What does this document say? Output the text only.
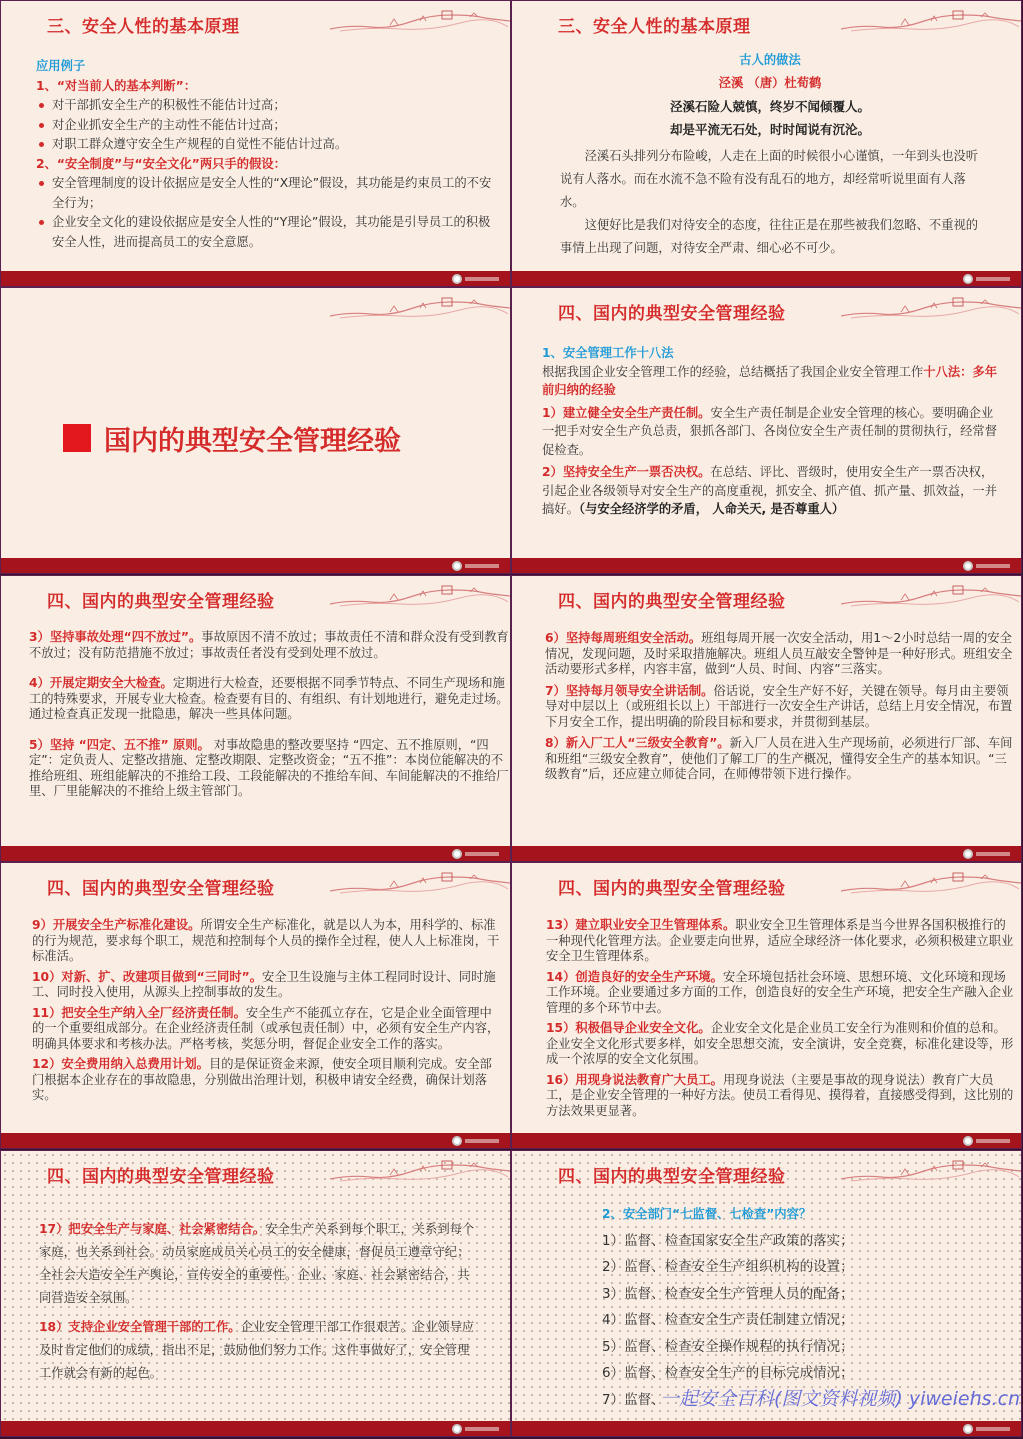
三、安全人性的基本原理

应用例子

1、“对当前人的基本判断”：

对干部抓安全生产的积极性不能估计过高；

对企业抓安全生产的主动性不能估计过高；

对职工群众遵守安全生产规程的自觉性不能估计过高。

2、“安全制度”与“安全文化”两只手的假设：

安全管理制度的设计依据应是安全人性的“X理论”假设，其功能是约束员工的不安全行为；

企业安全文化的建设依据应是安全人性的“Y理论”假设，其功能是引导员工的积极安全人性，进而提高员工的安全意愿。

三、安全人性的基本原理

古人的做法

泾溪 （唐）杜荀鹤

泾溪石险人兢慎，终岁不闻倾覆人。

却是平流无石处，时时闻说有沉沦。

泾溪石头排列分布险峻，人走在上面的时候很小心谨慎，一年到头也没听说有人落水。而在水流不急不险有没有乱石的地方，却经常听说里面有人落水。

这便好比是我们对待安全的态度，往往正是在那些被我们忽略、不重视的事情上出现了问题，对待安全严肃、细心必不可少。

国内的典型安全管理经验
四、国内的典型安全管理经验

1、安全管理工作十八法

根据我国企业安全管理工作的经验，总结概括了我国企业安全管理工作十八法：多年前归纳的经验

1）建立健全安全生产责任制。安全生产责任制是企业安全管理的核心。要明确企业一把手对安全生产负总责，狠抓各部门、各岗位安全生产责任制的贯彻执行，经常督促检查。

2）坚持安全生产一票否决权。在总结、评比、晋级时，使用安全生产一票否决权，引起企业各级领导对安全生产的高度重视，抓安全、抓产值、抓产量、抓效益，一并搞好。（与安全经济学的矛盾， 人命关天, 是否尊重人）

四、国内的典型安全管理经验

3）坚持事故处理“四不放过”。事故原因不清不放过；事故责任不清和群众没有受到教育不放过；没有防范措施不放过；事故责任者没有受到处理不放过。

4）开展定期安全大检查。定期进行大检查，还要根据不同季节特点、不同生产现场和施工的特殊要求，开展专业大检查。检查要有目的、有组织、有计划地进行，避免走过场。通过检查真正发现一批隐患，解决一些具体问题。

5）坚持 “四定、五不推” 原则。 对事故隐患的整改要坚持 “四定、五不推原则，“四定”：定负责人、定整改措施、定整改期限、定整改资金；“五不推”：本岗位能解决的不推给班组、班组能解决的不推给工段、工段能解决的不推给车间、车间能解决的不推给厂里、厂里能解决的不推给上级主管部门。

四、国内的典型安全管理经验

6）坚持每周班组安全活动。班组每周开展一次安全活动，用1～2小时总结一周的安全情况，发现问题，及时采取措施解决。班组人员互敲安全警钟是一种好形式。班组安全活动要形式多样，内容丰富，做到“人员、时间、内容”三落实。

7）坚持每月领导安全讲话制。俗话说，安全生产好不好，关键在领导。每月由主要领导对中层以上（或班组长以上）干部进行一次安全生产讲话，总结上月安全情况，布置下月安全工作，提出明确的阶段目标和要求，并贯彻到基层。

8）新入厂工人“三级安全教育”。新入厂人员在进入生产现场前，必须进行厂部、车间和班组“三级安全教育”，使他们了解工厂的生产概况，懂得安全生产的基本知识。“三级教育”后，还应建立师徒合同，在师傅带领下进行操作。

四、国内的典型安全管理经验

9）开展安全生产标准化建设。所谓安全生产标准化，就是以人为本，用科学的、标准的行为规范，要求每个职工，规范和控制每个人员的操作全过程，使人人上标准岗，干标准活。

10）对新、扩、改建项目做到“三同时”。安全卫生设施与主体工程同时设计、同时施工、同时投入使用，从源头上控制事故的发生。

11）把安全生产纳入全厂经济责任制。安全生产不能孤立存在，它是企业全面管理中的一个重要组成部分。在企业经济责任制（或承包责任制）中，必须有安全生产内容，明确具体要求和考核办法。严格考核，奖惩分明，督促企业安全工作的落实。

12）安全费用纳入总费用计划。目的是保证资金来源，使安全项目顺利完成。安全部门根据本企业存在的事故隐患，分别做出治理计划，积极申请安全经费，确保计划落实。

四、国内的典型安全管理经验

13）建立职业安全卫生管理体系。职业安全卫生管理体系是当今世界各国积极推行的一种现代化管理方法。企业要走向世界，适应全球经济一体化要求，必须积极建立职业安全卫生管理体系。

14）创造良好的安全生产环境。安全环境包括社会环境、思想环境、文化环境和现场工作环境。企业要通过多方面的工作，创造良好的安全生产环境，把安全生产融入企业管理的多个环节中去。

15）积极倡导企业安全文化。企业安全文化是企业员工安全行为准则和价值的总和。企业安全文化形式要多样，如安全思想交流，安全演讲，安全竞赛，标准化建设等，形成一个浓厚的安全文化氛围。

16）用现身说法教育广大员工。用现身说法（主要是事故的现身说法）教育广大员工，是企业安全管理的一种好方法。使员工看得见、摸得着，直接感受得到，这比别的方法效果更显著。

四、国内的典型安全管理经验

17）把安全生产与家庭、社会紧密结合。安全生产关系到每个职工，关系到每个家庭，也关系到社会。动员家庭成员关心员工的安全健康，督促员工遵章守纪；全社会大造安全生产舆论，宣传安全的重要性。企业、家庭、社会紧密结合，共同营造安全氛围。

18）支持企业安全管理干部的工作。企业安全管理干部工作很艰苦。企业领导应及时肯定他们的成绩，指出不足，鼓励他们努力工作。这件事做好了，安全管理工作就会有新的起色。

四、国内的典型安全管理经验

2、安全部门“七监督、七检查”内容？

1）监督、检查国家安全生产政策的落实；

2）监督、检查安全生产组织机构的设置；

3）监督、检查安全生产管理人员的配备；

4）监督、检查安全生产责任制建立情况；

5）监督、检查安全操作规程的执行情况；

6）监督、检查安全生产的目标完成情况；

7）监督、

一起安全百科(图文资料视频) yiweiehs.cn
